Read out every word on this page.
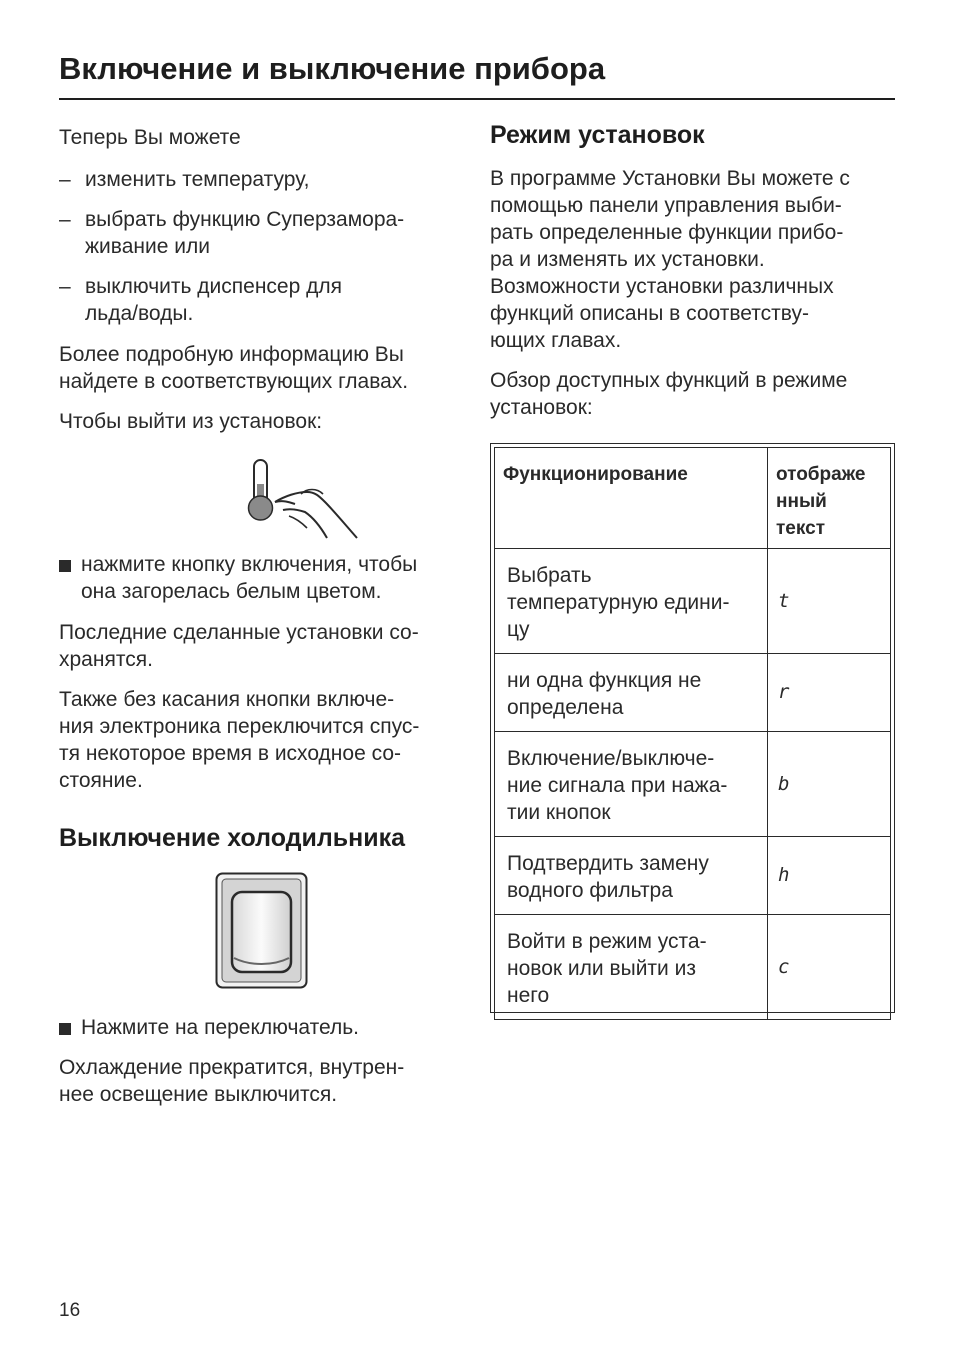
Включение и выключение прибора

Теперь Вы можете

– изменить температуру,

– выбрать функцию Суперзамора-
живание или

– выключить диспенсер для
льда/воды.

Более подробную информацию Вы
найдете в соответствующих главах.

Чтобы выйти из установок:

нажмите кнопку включения, чтобы
она загорелась белым цветом.

Последние сделанные установки со-
хранятся.

Также без касания кнопки включе-
ния электроника переключится спус-
тя некоторое время в исходное со-
стояние.

Выключение холодильника

Нажмите на переключатель.

Охлаждение прекратится, внутрен-
нее освещение выключится.

Режим установок

В программе Установки Вы можете с
помощью панели управления выби-
рать определенные функции прибо-
ра и изменять их установки.
Возможности установки различных
функций описаны в соответству-
ющих главах.

Обзор доступных функций в режиме
установок:

Функционирование	отображе
нный
текст
Выбрать
температурную едини-
цу	t
ни одна функция не
определена	r
Включение/выключе-
ние сигнала при нажа-
тии кнопок	b
Подтвердить замену
водного фильтра	h
Войти в режим уста-
новок или выйти из
него	c
16
